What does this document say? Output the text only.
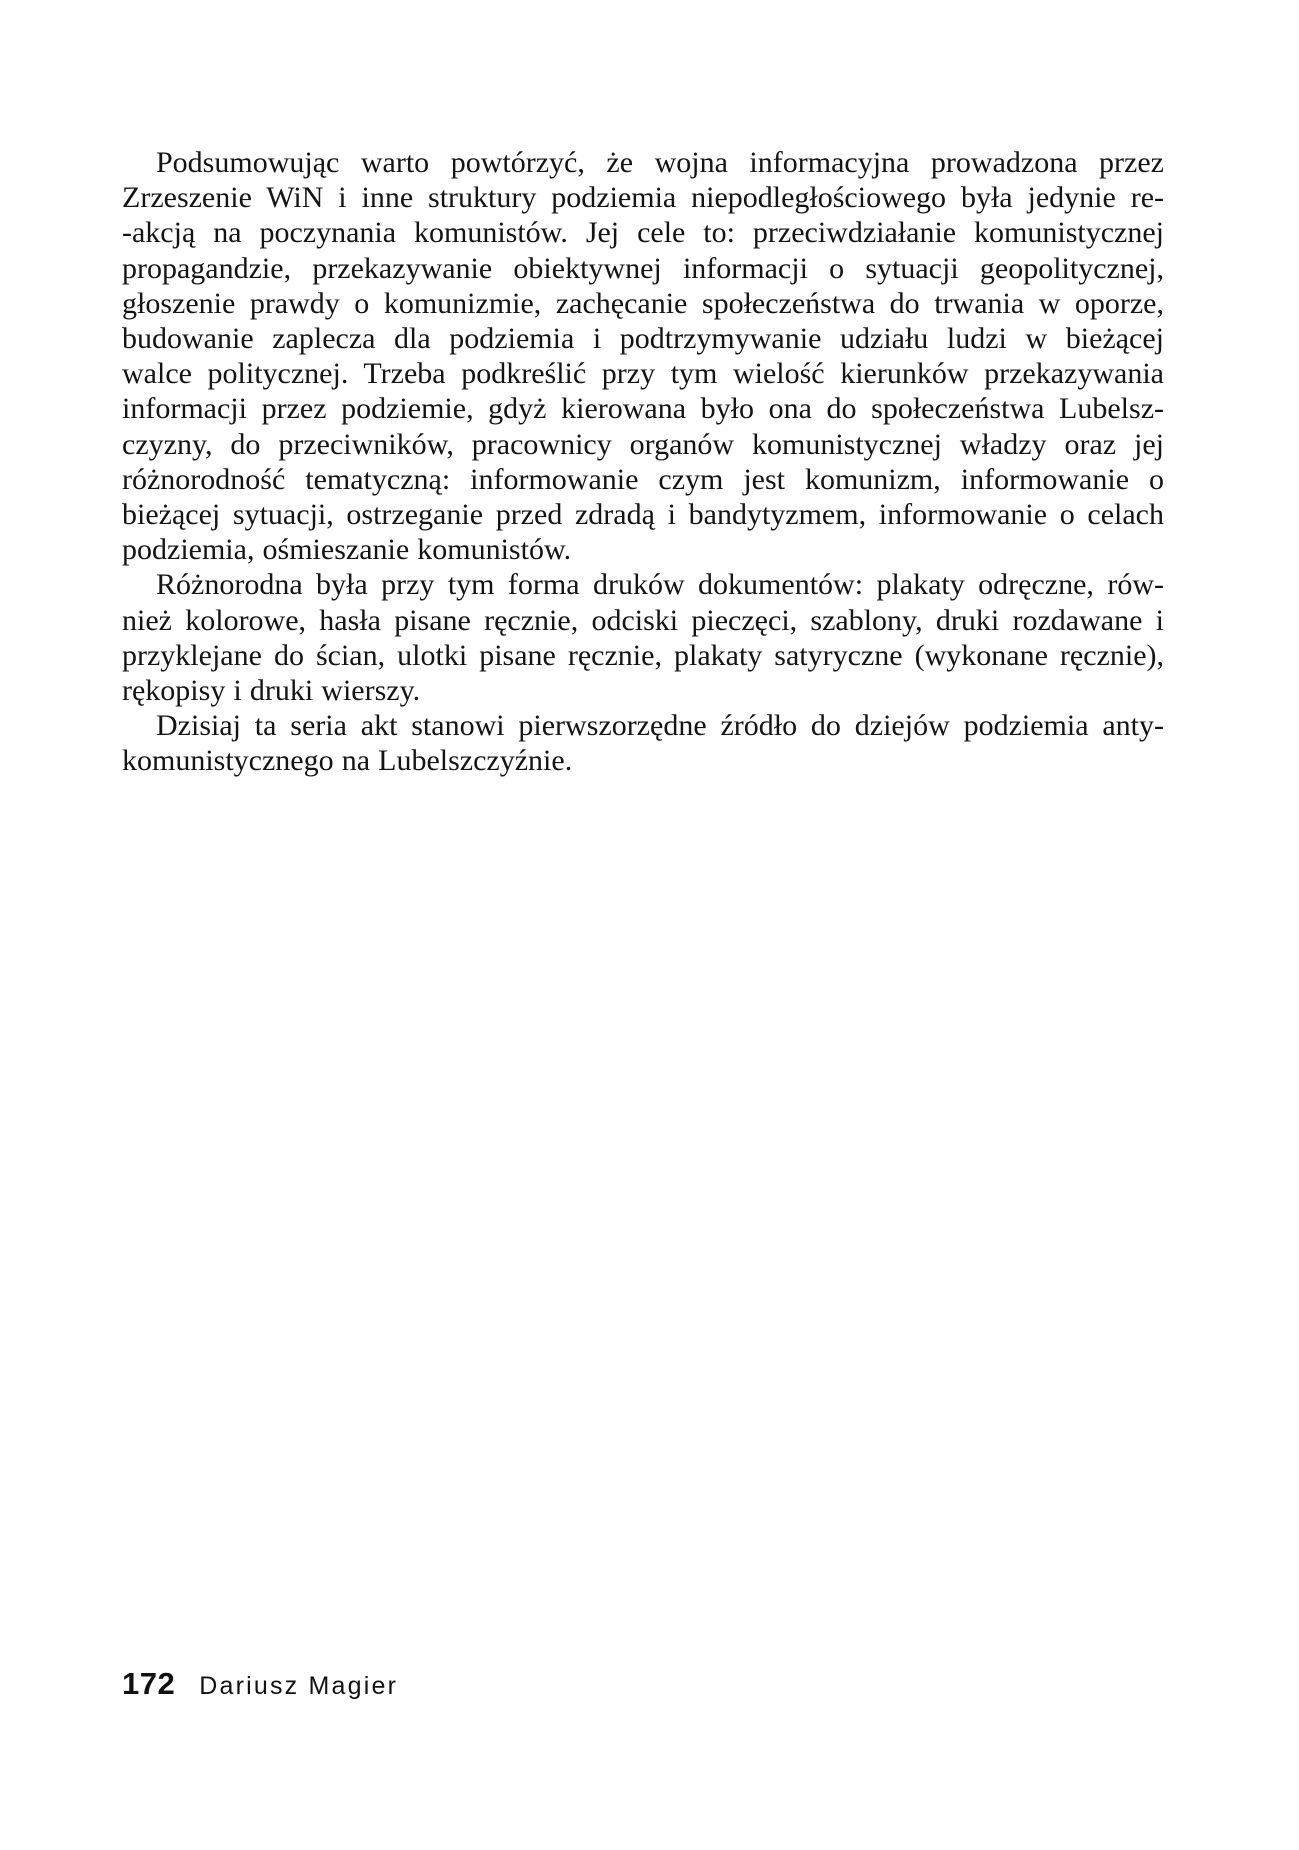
Podsumowując warto powtórzyć, że wojna informacyjna prowadzona przez
Zrzeszenie WiN i inne struktury podziemia niepodległościowego była jedynie re-
-akcją na poczynania komunistów. Jej cele to: przeciwdziałanie komunistycznej
propagandzie, przekazywanie obiektywnej informacji o sytuacji geopolitycznej,
głoszenie prawdy o komunizmie, zachęcanie społeczeństwa do trwania w oporze,
budowanie zaplecza dla podziemia i podtrzymywanie udziału ludzi w bieżącej
walce politycznej. Trzeba podkreślić przy tym wielość kierunków przekazywania
informacji przez podziemie, gdyż kierowana było ona do społeczeństwa Lubelsz-
czyzny, do przeciwników, pracownicy organów komunistycznej władzy oraz jej
różnorodność tematyczną: informowanie czym jest komunizm, informowanie o
bieżącej sytuacji, ostrzeganie przed zdradą i bandytyzmem, informowanie o celach
podziemia, ośmieszanie komunistów.
Różnorodna była przy tym forma druków dokumentów: plakaty odręczne, rów-
nież kolorowe, hasła pisane ręcznie, odciski pieczęci, szablony, druki rozdawane i
przyklejane do ścian, ulotki pisane ręcznie, plakaty satyryczne (wykonane ręcznie),
rękopisy i druki wierszy.
Dzisiaj ta seria akt stanowi pierwszorzędne źródło do dziejów podziemia anty-
komunistycznego na Lubelszczyźnie.
172 Dariusz Magier
